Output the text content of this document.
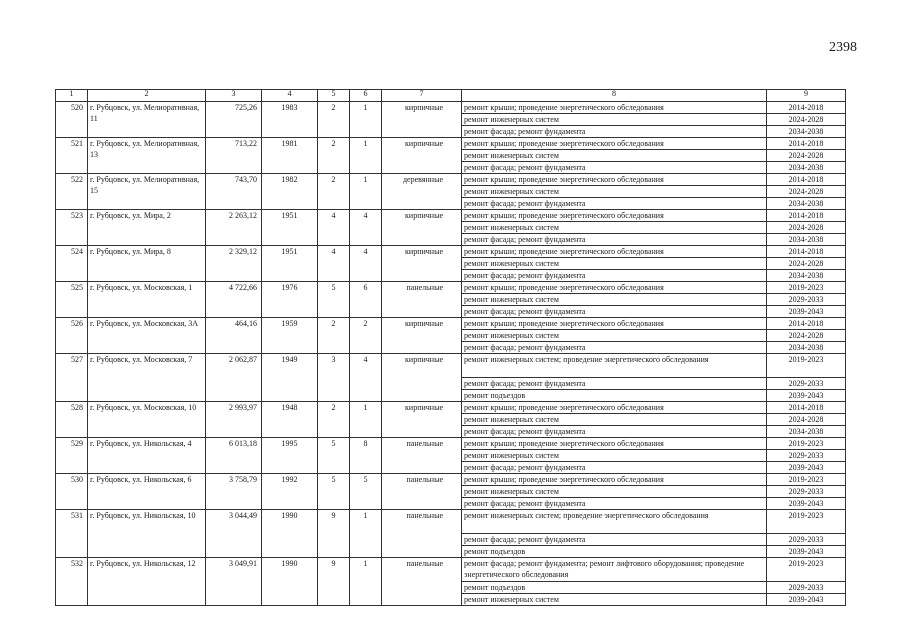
2398
1	2	3	4	5	6	7	8	9
520	г. Рубцовск, ул. Мелиоративная, 11	725,26	1983	2	1	кирпичные	ремонт крыши; проведение энергетического обследования	2014-2018
							ремонт инженерных систем	2024-2028
							ремонт фасада; ремонт фундамента	2034-2038
521	г. Рубцовск, ул. Мелиоративная, 13	713,22	1981	2	1	кирпичные	ремонт крыши; проведение энергетического обследования	2014-2018
							ремонт инженерных систем	2024-2028
							ремонт фасада; ремонт фундамента	2034-2038
522	г. Рубцовск, ул. Мелиоративная, 15	743,70	1982	2	1	деревянные	ремонт крыши; проведение энергетического обследования	2014-2018
							ремонт инженерных систем	2024-2028
							ремонт фасада; ремонт фундамента	2034-2038
523	г. Рубцовск, ул. Мира, 2	2 263,12	1951	4	4	кирпичные	ремонт крыши; проведение энергетического обследования	2014-2018
							ремонт инженерных систем	2024-2028
							ремонт фасада; ремонт фундамента	2034-2038
524	г. Рубцовск, ул. Мира, 8	2 329,12	1951	4	4	кирпичные	ремонт крыши; проведение энергетического обследования	2014-2018
							ремонт инженерных систем	2024-2028
							ремонт фасада; ремонт фундамента	2034-2038
525	г. Рубцовск, ул. Московская, 1	4 722,66	1976	5	6	панельные	ремонт крыши; проведение энергетического обследования	2019-2023
							ремонт инженерных систем	2029-2033
							ремонт фасада; ремонт фундамента	2039-2043
526	г. Рубцовск, ул. Московская, 3А	464,16	1959	2	2	кирпичные	ремонт крыши; проведение энергетического обследования	2014-2018
							ремонт инженерных систем	2024-2028
							ремонт фасада; ремонт фундамента	2034-2038
527	г. Рубцовск, ул. Московская, 7	2 062,87	1949	3	4	кирпичные	ремонт инженерных систем; проведение энергетического обследования	2019-2023
							ремонт фасада; ремонт фундамента	2029-2033
							ремонт подъездов	2039-2043
528	г. Рубцовск, ул. Московская, 10	2 993,97	1948	2	1	кирпичные	ремонт крыши; проведение энергетического обследования	2014-2018
							ремонт инженерных систем	2024-2028
							ремонт фасада; ремонт фундамента	2034-2038
529	г. Рубцовск, ул. Никольская, 4	6 013,18	1995	5	8	панельные	ремонт крыши; проведение энергетического обследования	2019-2023
							ремонт инженерных систем	2029-2033
							ремонт фасада; ремонт фундамента	2039-2043
530	г. Рубцовск, ул. Никольская, 6	3 758,79	1992	5	5	панельные	ремонт крыши; проведение энергетического обследования	2019-2023
							ремонт инженерных систем	2029-2033
							ремонт фасада; ремонт фундамента	2039-2043
531	г. Рубцовск, ул. Никольская, 10	3 044,49	1990	9	1	панельные	ремонт инженерных систем; проведение энергетического обследования	2019-2023
							ремонт фасада; ремонт фундамента	2029-2033
							ремонт подъездов	2039-2043
532	г. Рубцовск, ул. Никольская, 12	3 049,91	1990	9	1	панельные	ремонт фасада; ремонт фундамента; ремонт лифтового оборудования; проведение энергетического обследования	2019-2023
							ремонт подъездов	2029-2033
							ремонт инженерных систем	2039-2043
